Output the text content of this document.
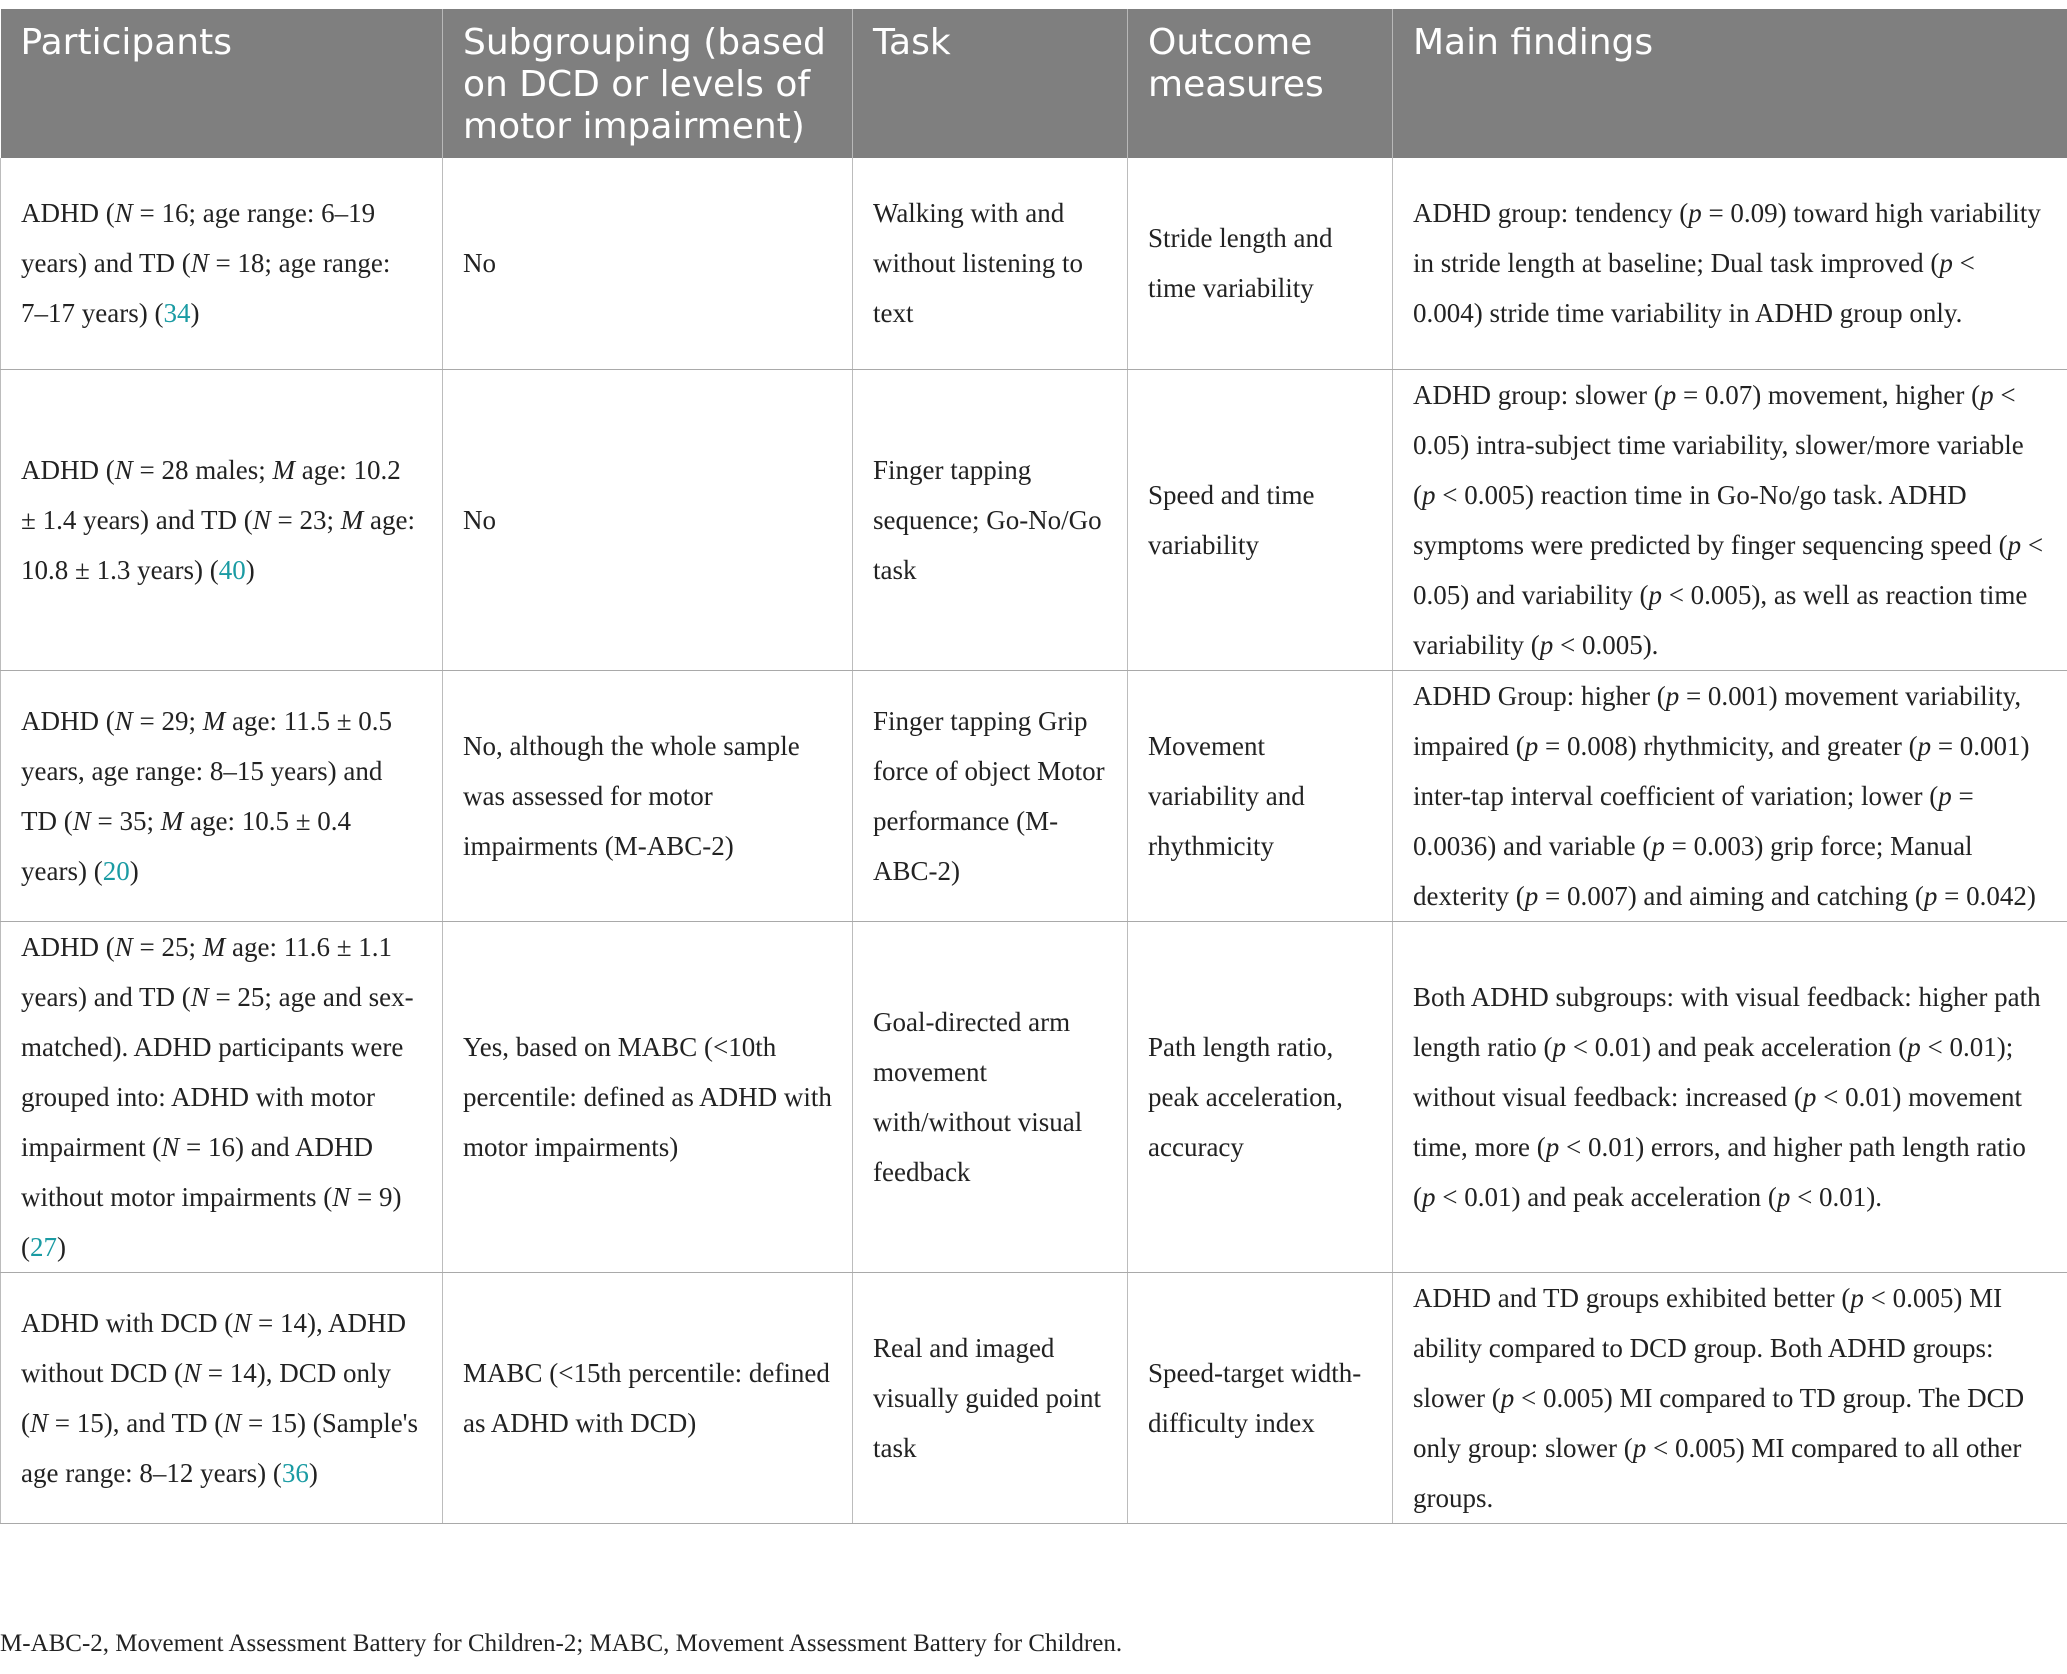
Participants	Subgrouping (based on DCD or levels of motor impairment)	Task	Outcome measures	Main findings
ADHD (N = 16; age range: 6–19 years) and TD (N = 18; age range: 7–17 years) (34)	No	Walking with and without listening to text	Stride length and time variability	ADHD group: tendency (p = 0.09) toward high variability in stride length at baseline; Dual task improved (p < 0.004) stride time variability in ADHD group only.
ADHD (N = 28 males; M age: 10.2 ± 1.4 years) and TD (N = 23; M age: 10.8 ± 1.3 years) (40)	No	Finger tapping sequence; Go-No/Go task	Speed and time variability	ADHD group: slower (p = 0.07) movement, higher (p < 0.05) intra-subject time variability, slower/more variable (p < 0.005) reaction time in Go-No/go task. ADHD symptoms were predicted by finger sequencing speed (p < 0.05) and variability (p < 0.005), as well as reaction time variability (p < 0.005).
ADHD (N = 29; M age: 11.5 ± 0.5 years, age range: 8–15 years) and TD (N = 35; M age: 10.5 ± 0.4 years) (20)	No, although the whole sample was assessed for motor impairments (M-ABC-2)	Finger tapping Grip force of object Motor performance (M-ABC-2)	Movement variability and rhythmicity	ADHD Group: higher (p = 0.001) movement variability, impaired (p = 0.008) rhythmicity, and greater (p = 0.001) inter-tap interval coefficient of variation; lower (p = 0.0036) and variable (p = 0.003) grip force; Manual dexterity (p = 0.007) and aiming and catching (p = 0.042)
ADHD (N = 25; M age: 11.6 ± 1.1 years) and TD (N = 25; age and sex-matched). ADHD participants were grouped into: ADHD with motor impairment (N = 16) and ADHD without motor impairments (N = 9) (27)	Yes, based on MABC (<10th percentile: defined as ADHD with motor impairments)	Goal-directed arm movement with/without visual feedback	Path length ratio, peak acceleration, accuracy	Both ADHD subgroups: with visual feedback: higher path length ratio (p < 0.01) and peak acceleration (p < 0.01); without visual feedback: increased (p < 0.01) movement time, more (p < 0.01) errors, and higher path length ratio (p < 0.01) and peak acceleration (p < 0.01).
ADHD with DCD (N = 14), ADHD without DCD (N = 14), DCD only (N = 15), and TD (N = 15) (Sample's age range: 8–12 years) (36)	MABC (<15th percentile: defined as ADHD with DCD)	Real and imaged visually guided point task	Speed-target width-difficulty index	ADHD and TD groups exhibited better (p < 0.005) MI ability compared to DCD group. Both ADHD groups: slower (p < 0.005) MI compared to TD group. The DCD only group: slower (p < 0.005) MI compared to all other groups.
M-ABC-2, Movement Assessment Battery for Children-2; MABC, Movement Assessment Battery for Children.
